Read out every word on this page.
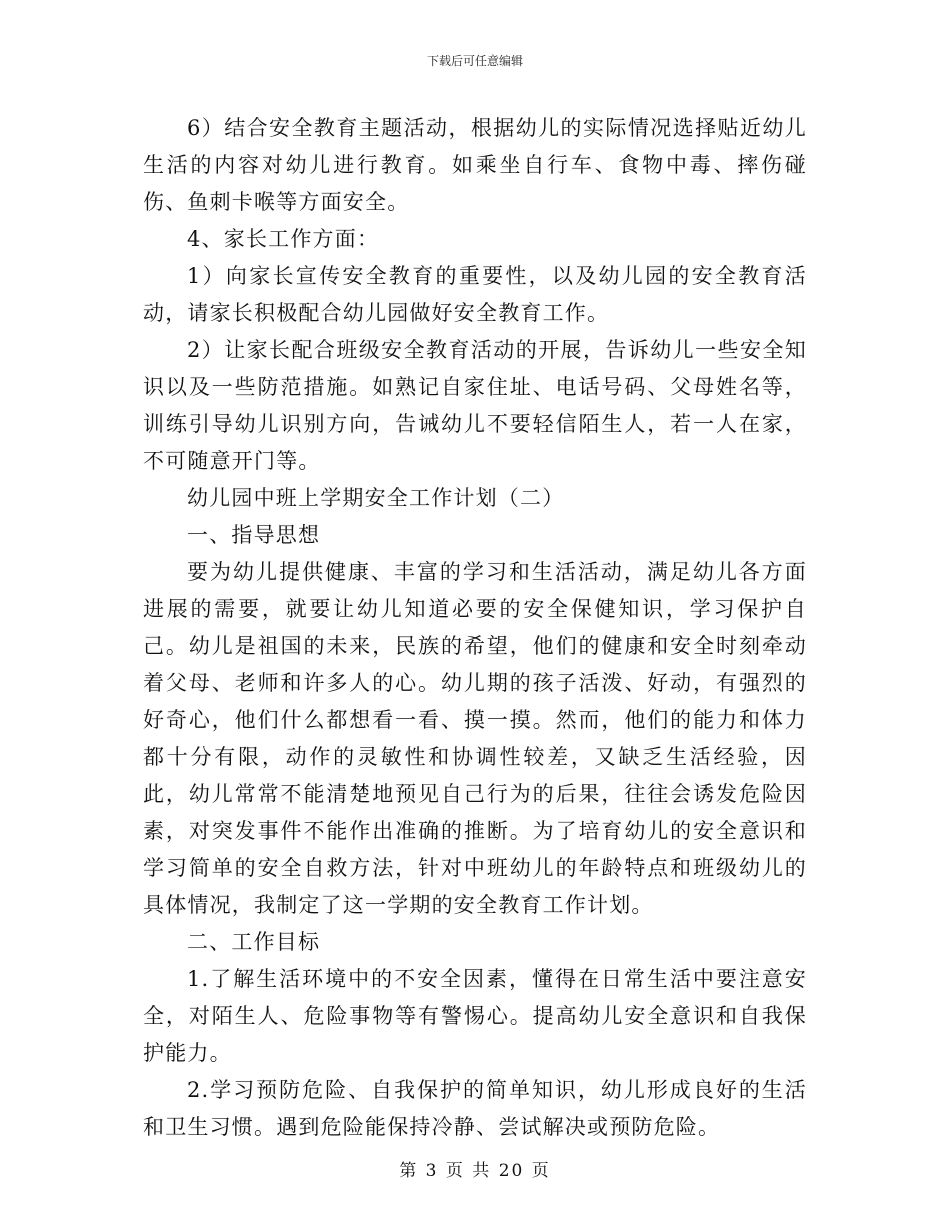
下载后可任意编辑

6）结合安全教育主题活动，根据幼儿的实际情况选择贴近幼儿生活的内容对幼儿进行教育。如乘坐自行车、食物中毒、摔伤碰伤、鱼刺卡喉等方面安全。

4、家长工作方面：

1）向家长宣传安全教育的重要性，以及幼儿园的安全教育活动，请家长积极配合幼儿园做好安全教育工作。

2）让家长配合班级安全教育活动的开展，告诉幼儿一些安全知识以及一些防范措施。如熟记自家住址、电话号码、父母姓名等，训练引导幼儿识别方向，告诫幼儿不要轻信陌生人，若一人在家，不可随意开门等。

幼儿园中班上学期安全工作计划（二）

一、指导思想

要为幼儿提供健康、丰富的学习和生活活动，满足幼儿各方面进展的需要，就要让幼儿知道必要的安全保健知识，学习保护自己。幼儿是祖国的未来，民族的希望，他们的健康和安全时刻牵动着父母、老师和许多人的心。幼儿期的孩子活泼、好动，有强烈的好奇心，他们什么都想看一看、摸一摸。然而，他们的能力和体力都十分有限，动作的灵敏性和协调性较差，又缺乏生活经验，因此，幼儿常常不能清楚地预见自己行为的后果，往往会诱发危险因素，对突发事件不能作出准确的推断。为了培育幼儿的安全意识和学习简单的安全自救方法，针对中班幼儿的年龄特点和班级幼儿的具体情况，我制定了这一学期的安全教育工作计划。

二、工作目标

1.了解生活环境中的不安全因素，懂得在日常生活中要注意安全，对陌生人、危险事物等有警惕心。提高幼儿安全意识和自我保护能力。

2.学习预防危险、自我保护的简单知识，幼儿形成良好的生活和卫生习惯。遇到危险能保持冷静、尝试解决或预防危险。

第 3 页 共 20 页
